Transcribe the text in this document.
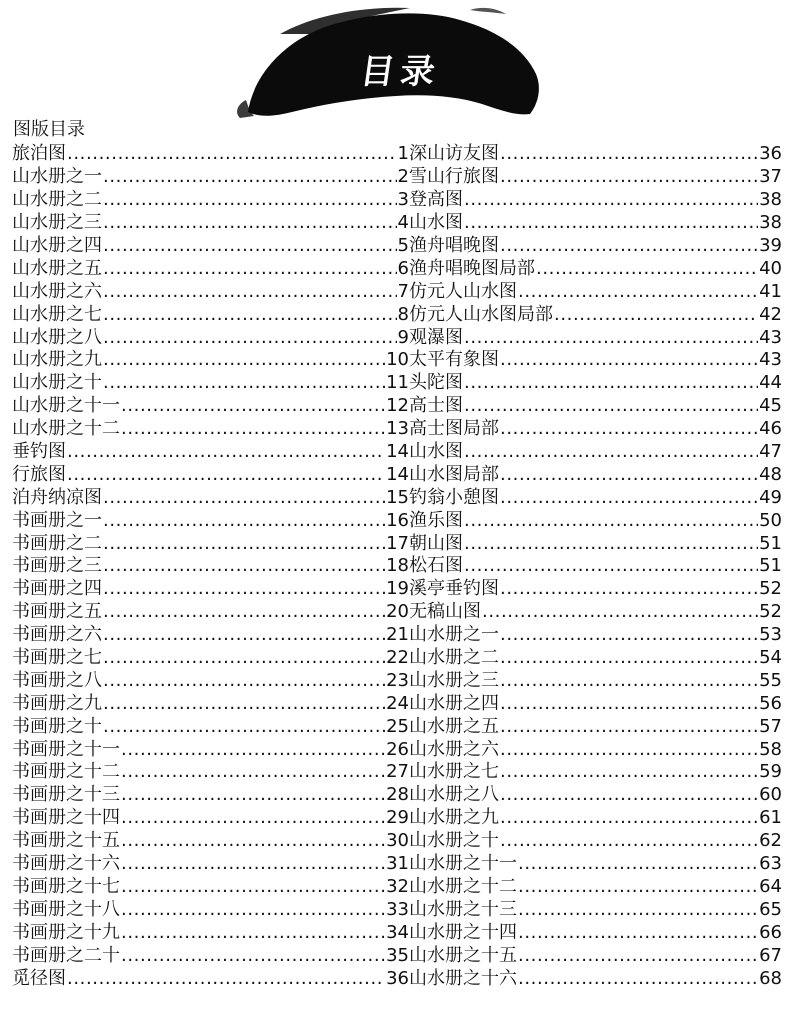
目录
图版目录
旅泊图 .....	1 深山访友图 .....	36
山水册之一 .....	2 雪山行旅图 .....	37
山水册之二 .....	3 登高图 .....	38
山水册之三 .....	4 山水图 .....	38
山水册之四 .....	5 渔舟唱晚图 .....	39
山水册之五 .....	6 渔舟唱晚图局部 .....	40
山水册之六 .....	7 仿元人山水图 .....	41
山水册之七 .....	8 仿元人山水图局部 .....	42
山水册之八 .....	9 观瀑图 .....	43
山水册之九 .....	10 太平有象图 .....	43
山水册之十 .....	11 头陀图 .....	44
山水册之十一 .....	12 高士图 .....	45
山水册之十二 .....	13 高士图局部 .....	46
垂钓图 .....	14 山水图 .....	47
行旅图 .....	14 山水图局部 .....	48
泊舟纳凉图 .....	15 钓翁小憩图 .....	49
书画册之一 .....	16 渔乐图 .....	50
书画册之二 .....	17 朝山图 .....	51
书画册之三 .....	18 松石图 .....	51
书画册之四 .....	19 溪亭垂钓图 .....	52
书画册之五 .....	20 无稿山图 .....	52
书画册之六 .....	21 山水册之一 .....	53
书画册之七 .....	22 山水册之二 .....	54
书画册之八 .....	23 山水册之三 .....	55
书画册之九 .....	24 山水册之四 .....	56
书画册之十 .....	25 山水册之五 .....	57
书画册之十一 .....	26 山水册之六 .....	58
书画册之十二 .....	27 山水册之七 .....	59
书画册之十三 .....	28 山水册之八 .....	60
书画册之十四 .....	29 山水册之九 .....	61
书画册之十五 .....	30 山水册之十 .....	62
书画册之十六 .....	31 山水册之十一 .....	63
书画册之十七 .....	32 山水册之十二 .....	64
书画册之十八 .....	33 山水册之十三 .....	65
书画册之十九 .....	34 山水册之十四 .....	66
书画册之二十 .....	35 山水册之十五 .....	67
觅径图 .....	36 山水册之十六 .....	68
